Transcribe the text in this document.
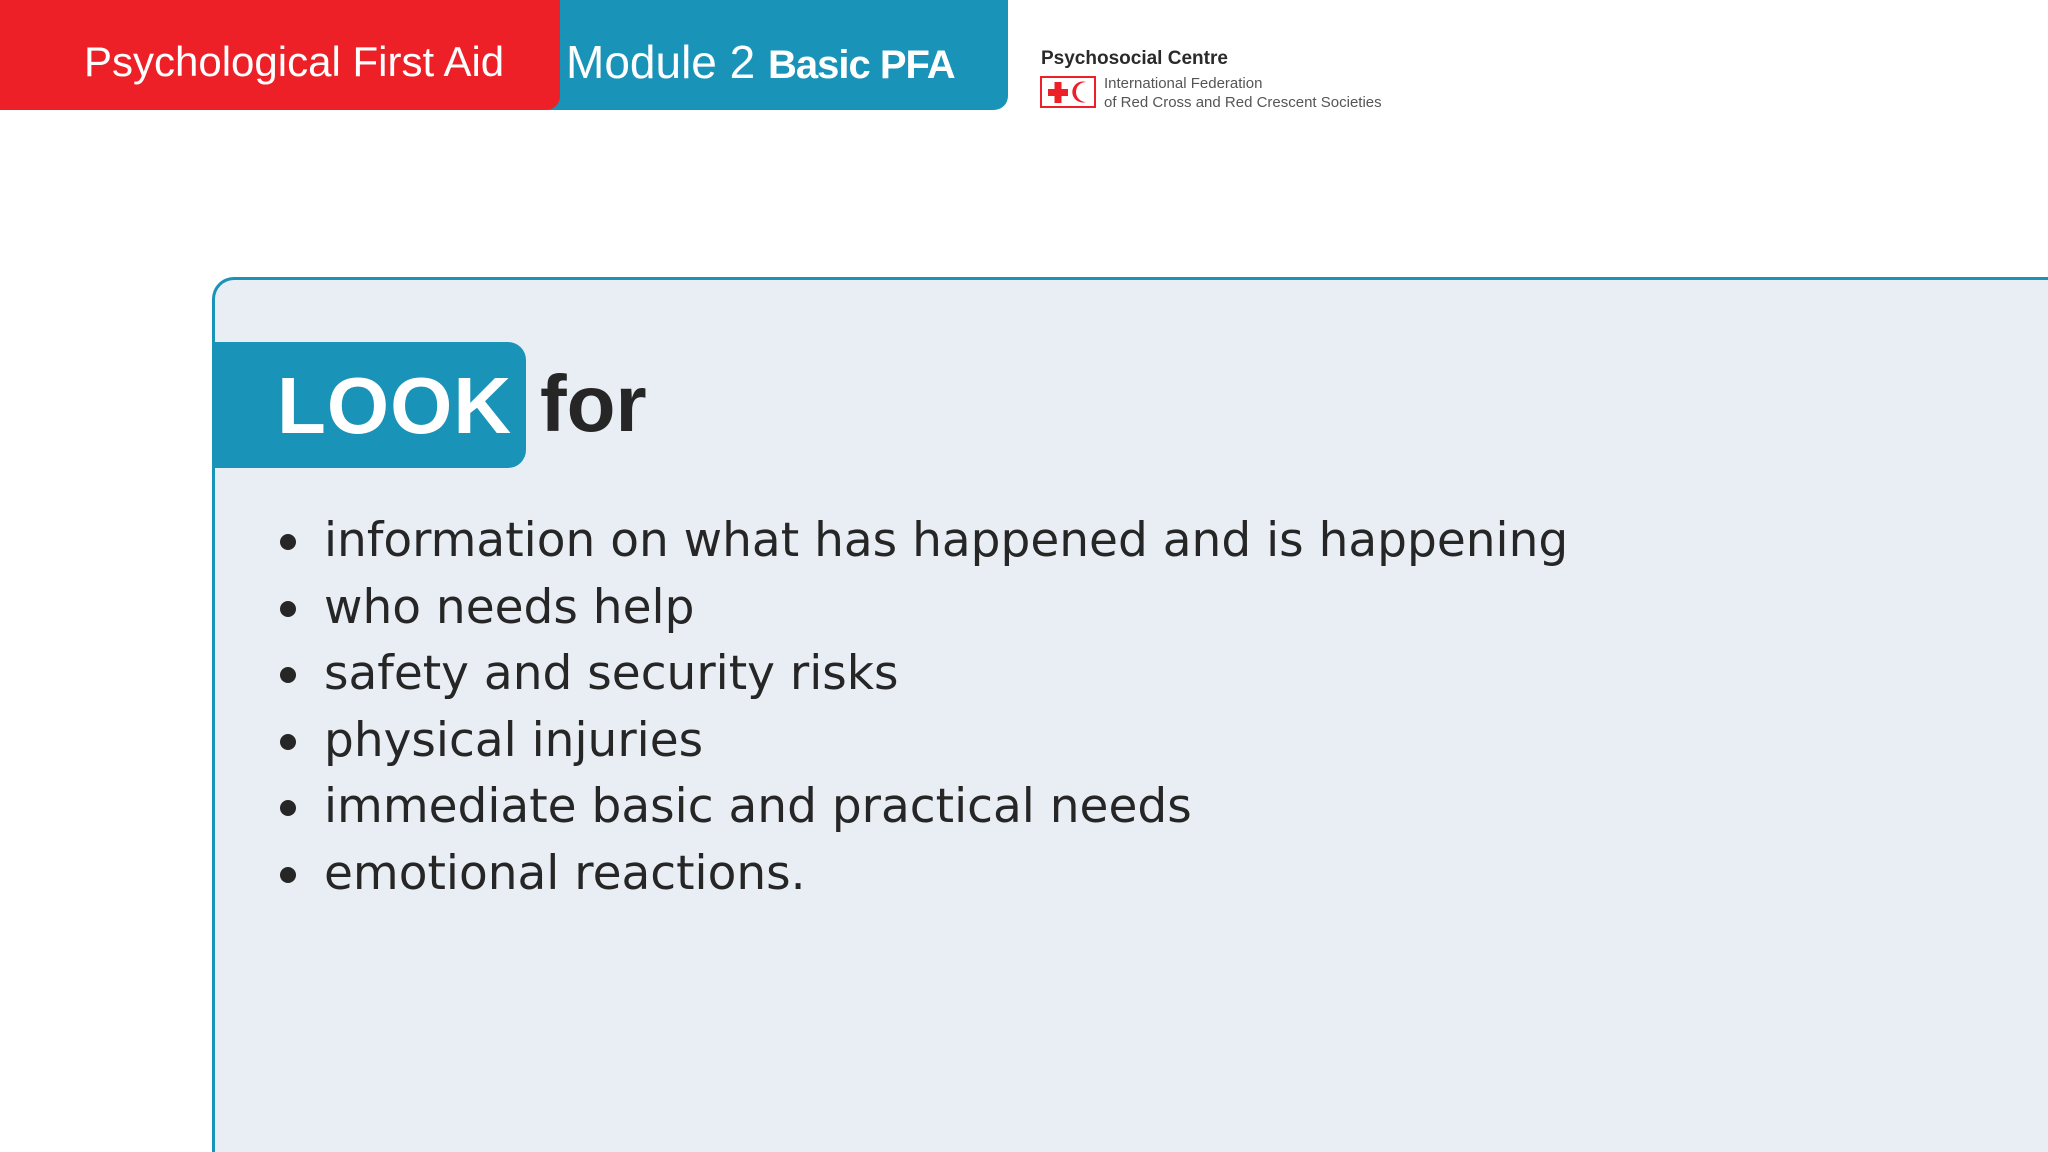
Psychological First Aid Module 2 Basic PFA	Psychosocial Centre
International Federation
of Red Cross and Red Crescent Societies
LOOK for
information on what has happened and is happening
who needs help
safety and security risks
physical injuries
immediate basic and practical needs
emotional reactions.
